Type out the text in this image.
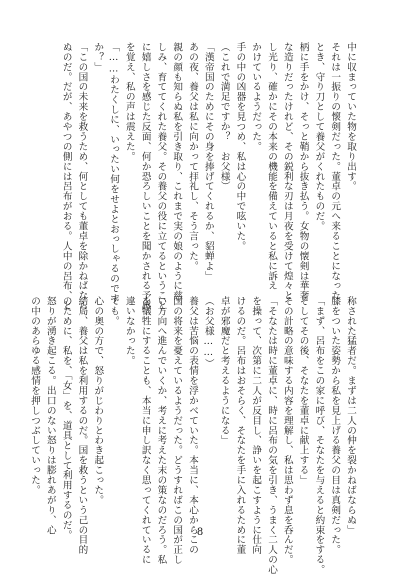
中に収まっていた物を取り出す。

それは一振りの懐剣だった。董卓の元へ来ることになった

とき、守り刀として養父がくれたものだ。

柄に手をかけ、そっと鞘から抜き払う。女物の懐剣は華奢

な造りだったけれど、その鋭利な刃は月夜を受けて煌々と

し光り、確かにその本来の機能を備えていると私に訴え

かけているようだった。

手の中の凶器を見つめ、私は心の中で呟いた。

（これで満足ですか？　お父様）

「漢帝国のためにその身を捧げてくれるか、貂蝉よ」

あの夜、養父は私に向かって拝礼し、そう言った。

親の顔も知らぬ私を引き取り、これまで実の娘のように慈

しみ、育ててくれた養父。その養父の役に立てるということ

に嬉しさを感じた反面、何か恐ろしいことを聞かされる予感

を覚え、私の声は震えた。

「……わたくしに、いったい何をせよとおっしゃるのです

か？」

「この国の未来を救うため、何としても董卓を除かねばなら

ぬのだ。だが、あやつの側には呂布がおる。人中の呂布、と

称された猛者だ。まずは二人の仲を裂かねばならぬ」

膝をついた姿勢から私を見上げる養父の目は真剣だった。

「まず、呂布をこの家に呼び、そなたを与えると約束をする。

そしてその後、そなたを董卓に献上する」

その計略の意味する内容を理解し、私は思わず息を呑んだ。

「そなたは時に董卓に、時に呂布の気を引き、うまく二人の心

を操って、次第に二人が反目し、諍いを起こすように仕向

けるのだ。呂布はおそらく、そなたを手に入れるために董

卓が邪魔だと考えるようになる」

（お父様……）

養父は苦悩の表情を浮かべていた。本当に、本心からこの

国の将来を憂えているようだった。どうすればこの国が正し

い方向へ進んでいくか、考えに考えた末の策なのだろう。私

を犠牲にすることも、本当に申し訳なく思ってくれているに

違いなかった。

でも。

心の奥の方で、怒りがじわりとわき起こった。

結局、養父は私を利用するのだ。国を救うという己の目的

のために、私を、「女」を、道具として利用するのだ。

怒りが湧き起こる。出口のない怒りは膨れあがり、心

の中のあらゆる感情を押しつぶしていった。

8
